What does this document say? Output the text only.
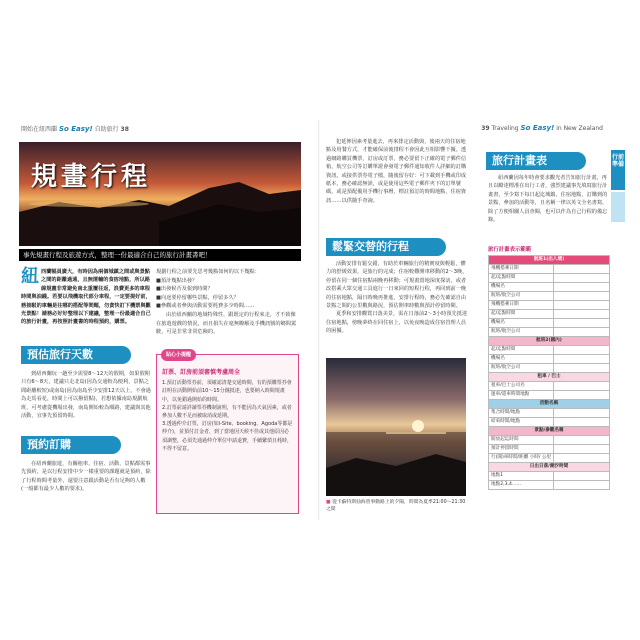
開始在紐西蘭 So Easy! 自助旅行 38
規畫行程
事先規畫行程及旅遊方式，整理一份最適合自己的旅行計畫書吧！
紐 西蘭幅員廣大，有時因為兩個城鎮之間或與景點之間的距離過遠，且無運輸的食宿地點，所以路線規畫非常避免南北重覆往返，浪費更多的車程時間與油錢。若要以飛機取代部分車程，一定要提好前，務接駁的車輛是往哪的搭配等問題，勿貪快訂下機票與觀光景點！請務必好好整理以下建議，整理一份最適合自己的旅行計畫，再按照計畫書的時程預約，購票。
預估旅行天數

到紐西蘭玩一趟至少需要8～12天的假期，如果假期只有6～8天，建議只走北島(因為交通較為便利，景點之間距離較短)或南島(因為南島至少安排12天以上，不會過為走馬看花，時間上可以撥留點)，若想依據南島規劃航班，可考慮從機場出發，南島開始較為順路，建議與其他活動，宜事先預留時間。

預約訂購

在紐西蘭旅遊，有關租車、住宿、活動、景點都需事先預約，是以行程安排中少一樣重要的課題就是預約，除了行程時間考量外，還要注意跟活動是否有足夠的人數(一般都有最少人數的要求)。

規劃行程之前要先思考幾點如何的以下幾點：
■預計幾點出發？
■出發候否及報到時間？
■向途要停留哪些景點，停留多久？
■參觀或者參與活動需要耗費多少時間……
由於紐西蘭的地域特殊性，跟既定的行程來走，才不致像在旅遊遊戲的情況，而且損失在毫無瞭解及手機訊號的鄉間駕駛，可是非常非常危險的。
貼心小提醒
訂票、訂房前須審慎考慮周全
1.預訂活動票券前，須確認清楚交通時間，有的預購票券會註明在活動開始前10～15分鐘抵達，也要納入時間規畫中，以免錯過開始的時間。
2.訂票前請詳讀票券機制說明，有不能因為天氣因素，或者參加人數不足而被取消或延期。
3.透過仲介訂票，訂房(如i-Site、booking、Agoda等都是仲介)，並預付訂金者，到了當地因天候不佳或其他原因必須調整，必須先通過仲介單位申請退費，手續繁瑣且耗時，不得不留意。
39 Traveling So Easy! in New Zealand
行前準備

犯延伸因素考量進去，再來排定活動與，後兩天的住宿地點及用餐方式，才能確保前後排程不會因此互相影響干擾。透過網路購買機票，訂房或訂票，務必要留下正確的電子郵件信箱，航空公司等訂購單證會發電子郵件通知收件人詳細的訂購資訊，或接供票券電子檔，隨後留存好：可下載到手機或印成紙本，務必確認無誤，或是使用這些電子郵件夾下的訂單號碼，或是預配備用手機行事曆，標註預訂的時間地點，住宿資訊……以供隨手查詢。

鬆緊交替的行程

活動安排有鬆交錯，有助於車輛旅行的精實度與輕鬆，體力的舒緩效果，是旅行的完成；住宿較難開車移動的2～3晚，停留在同一個住宿點兩晚再移動；可規畫當地深度探訪，或者改搭乘大眾交通工具進行一日來回的短程行程，再回到前一晚的住宿地點，隔日時晚再推進，安排行程時，務必先確認自由景點之間的公里數與路況，預估開車時數與預計停留時間。

夏季和安排觀賞日落美景，需在日落前2～3小時預先抵達住宿地點，傍晚夢終在回住宿上，以免夜晚造成住宿管理人員的困擾。

■ 從卡蘇特斯仙海曾事動路上的夕陽，時間為夏季21:00～21:30之間
旅行計畫表

紐西蘭因每年時會要求觀光者告知旅行計畫，再且以瞭達標准在出行工者，強烈建議事先填寫旅行計畫書，至少寫下每日起迄城鎮，住宿地點，訂購到的景點，參加的活動等，且名稱一律以英文全名書寫，除了方便相關人員查閱，也可以作為自己行程的備忘錄。

旅行計畫表示範範
航班1(出入境)	
飛機搭乘日期	
起/迄點時間	
機場名	
航班/航空公司	
飛機搭乘日期	
起/迄點時間	
機場名	
航班/航空公司	
航班2(國內)	
起/迄點時間	
機場名	
航班/航空公司	
租車 / 巴士	
租車/巴士公司名	
運車/還車時間地點	
活動名稱	
集合時間/地點	
結束時間/地點	
景點/參觀名稱	
開放起迄時間	
預計停留時間	
行(開)車時間/距離 小時/ 公里	
日出日落/潮汐時間	
地點1	
地點2,3,4……	
